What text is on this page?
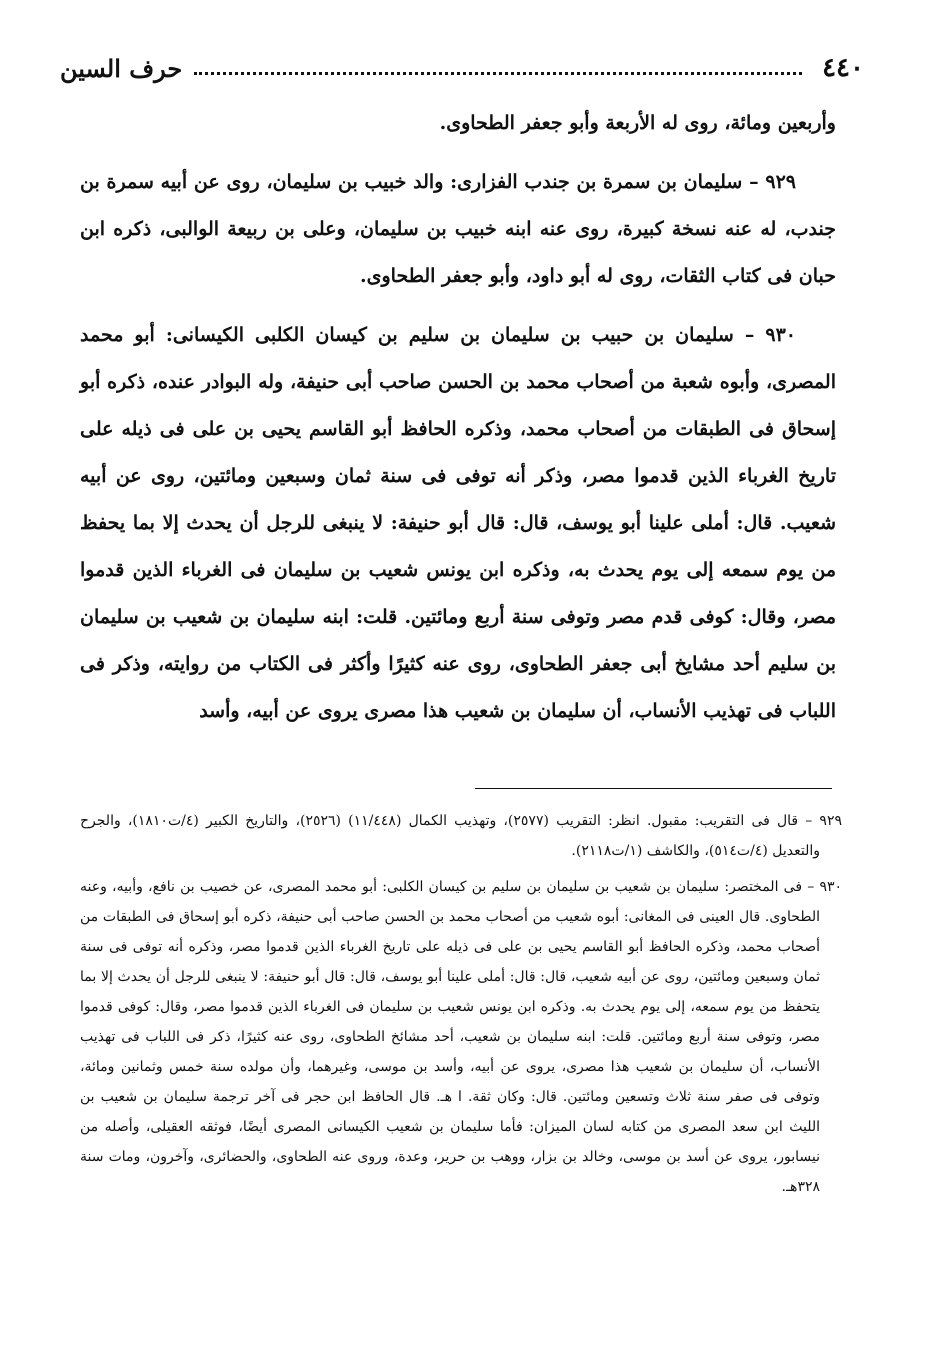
٤٤٠
حرف السين

وأربعين ومائة، روى له الأربعة وأبو جعفر الطحاوى.

٩٢٩ – سليمان بن سمرة بن جندب الفزارى: والد خبيب بن سليمان، روى عن أبيه سمرة بن جندب، له عنه نسخة كبيرة، روى عنه ابنه خبيب بن سليمان، وعلى بن ربيعة الوالبى، ذكره ابن حبان فى كتاب الثقات، روى له أبو داود، وأبو جعفر الطحاوى.

٩٣٠ – سليمان بن حبيب بن سليمان بن سليم بن كيسان الكلبى الكيسانى: أبو محمد المصرى، وأبوه شعبة من أصحاب محمد بن الحسن صاحب أبى حنيفة، وله البوادر عنده، ذكره أبو إسحاق فى الطبقات من أصحاب محمد، وذكره الحافظ أبو القاسم يحيى بن على فى ذيله على تاريخ الغرباء الذين قدموا مصر، وذكر أنه توفى فى سنة ثمان وسبعين ومائتين، روى عن أبيه شعيب. قال: أملى علينا أبو يوسف، قال: قال أبو حنيفة: لا ينبغى للرجل أن يحدث إلا بما يحفظ من يوم سمعه إلى يوم يحدث به، وذكره ابن يونس شعيب بن سليمان فى الغرباء الذين قدموا مصر، وقال: كوفى قدم مصر وتوفى سنة أربع ومائتين. قلت: ابنه سليمان بن شعيب بن سليمان بن سليم أحد مشايخ أبى جعفر الطحاوى، روى عنه كثيرًا وأكثر فى الكتاب من روايته، وذكر فى اللباب فى تهذيب الأنساب، أن سليمان بن شعيب هذا مصرى يروى عن أبيه، وأسد

٩٢٩ – قال فى التقريب: مقبول. انظر: التقريب (٢٥٧٧)، وتهذيب الكمال (١١/٤٤٨) (٢٥٢٦)، والتاريخ الكبير (٤/ت١٨١٠)، والجرح والتعديل (٤/ت٥١٤)، والكاشف (١/ت٢١١٨).

٩٣٠ – فى المختصر: سليمان بن شعيب بن سليمان بن سليم بن كيسان الكلبى: أبو محمد المصرى، عن خصيب بن نافع، وأبيه، وعنه الطحاوى. قال العينى فى المغانى: أبوه شعيب من أصحاب محمد بن الحسن صاحب أبى حنيفة، ذكره أبو إسحاق فى الطبقات من أصحاب محمد، وذكره الحافظ أبو القاسم يحيى بن على فى ذيله على تاريخ الغرباء الذين قدموا مصر، وذكره أنه توفى فى سنة ثمان وسبعين ومائتين، روى عن أبيه شعيب، قال: قال: أملى علينا أبو يوسف، قال: قال أبو حنيفة: لا ينبغى للرجل أن يحدث إلا بما يتحفظ من يوم سمعه، إلى يوم يحدث به. وذكره ابن يونس شعيب بن سليمان فى الغرباء الذين قدموا مصر، وقال: كوفى قدموا مصر، وتوفى سنة أربع ومائتين. قلت: ابنه سليمان بن شعيب، أحد مشائخ الطحاوى، روى عنه كثيرًا، ذكر فى اللباب فى تهذيب الأنساب، أن سليمان بن شعيب هذا مصرى، يروى عن أبيه، وأسد بن موسى، وغيرهما، وأن مولده سنة خمس وثمانين ومائة، وتوفى فى صفر سنة ثلاث وتسعين ومائتين. قال: وكان ثقة. ا هـ. قال الحافظ ابن حجر فى آخر ترجمة سليمان بن شعيب بن الليث ابن سعد المصرى من كتابه لسان الميزان: فأما سليمان بن شعيب الكيسانى المصرى أيضًا، فوثقه العقيلى، وأصله من نيسابور، يروى عن أسد بن موسى، وخالد بن بزار، ووهب بن حرير، وعدة، وروى عنه الطحاوى، والحضائرى، وآخرون، ومات سنة ٣٢٨هـ.
